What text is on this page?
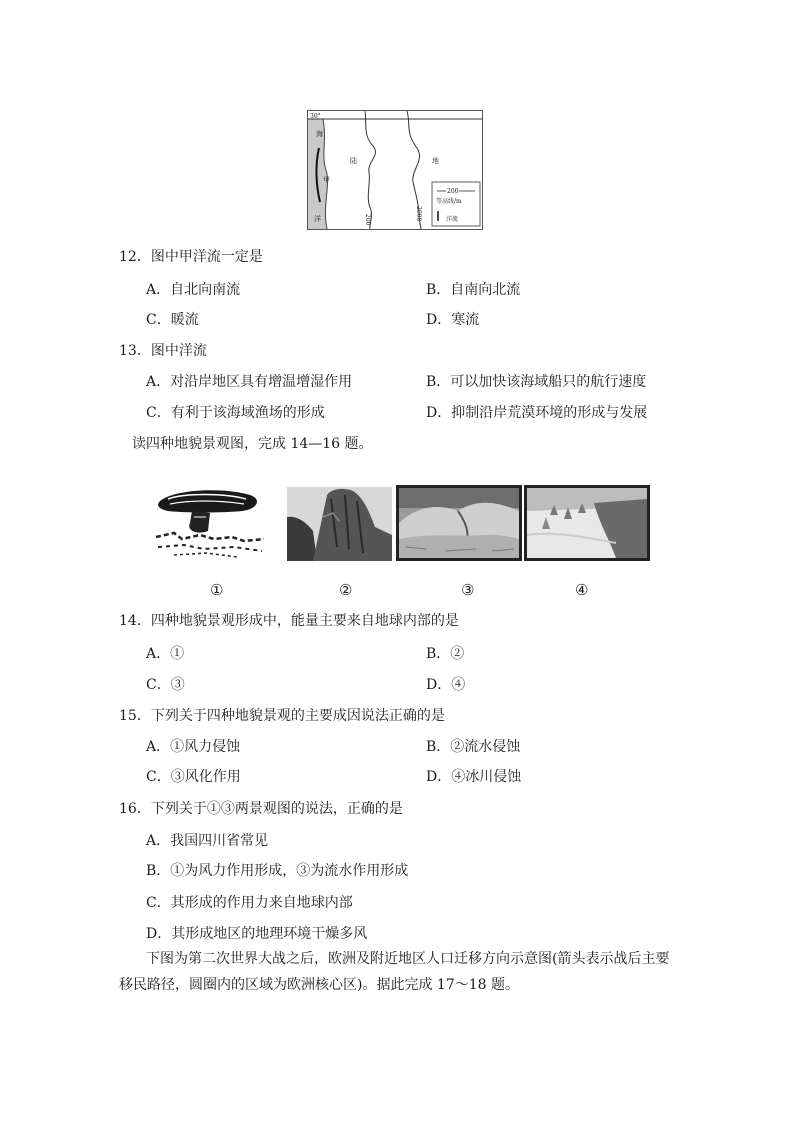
30°
海
甲
洋	200	2000
陆	地
200
等高线/m
洋流
12．图中甲洋流一定是
A．自北向南流	B．自南向北流
C．暖流	D．寒流
13．图中洋流
A．对沿岸地区具有增温增湿作用	B．可以加快该海域船只的航行速度
C．有利于该海域渔场的形成	D．抑制沿岸荒漠环境的形成与发展
读四种地貌景观图，完成 14—16 题。
①	②	③	④
14．四种地貌景观形成中，能量主要来自地球内部的是
A．①	B．②
C．③	D．④
15．下列关于四种地貌景观的主要成因说法正确的是
A．①风力侵蚀	B．②流水侵蚀
C．③风化作用	D．④冰川侵蚀
16．下列关于①③两景观图的说法，正确的是
A．我国四川省常见
B．①为风力作用形成，③为流水作用形成
C．其形成的作用力来自地球内部
D．其形成地区的地理环境干燥多风
下图为第二次世界大战之后，欧洲及附近地区人口迁移方向示意图(箭头表示战后主要
移民路径，圆圈内的区域为欧洲核心区)。据此完成 17～18 题。
